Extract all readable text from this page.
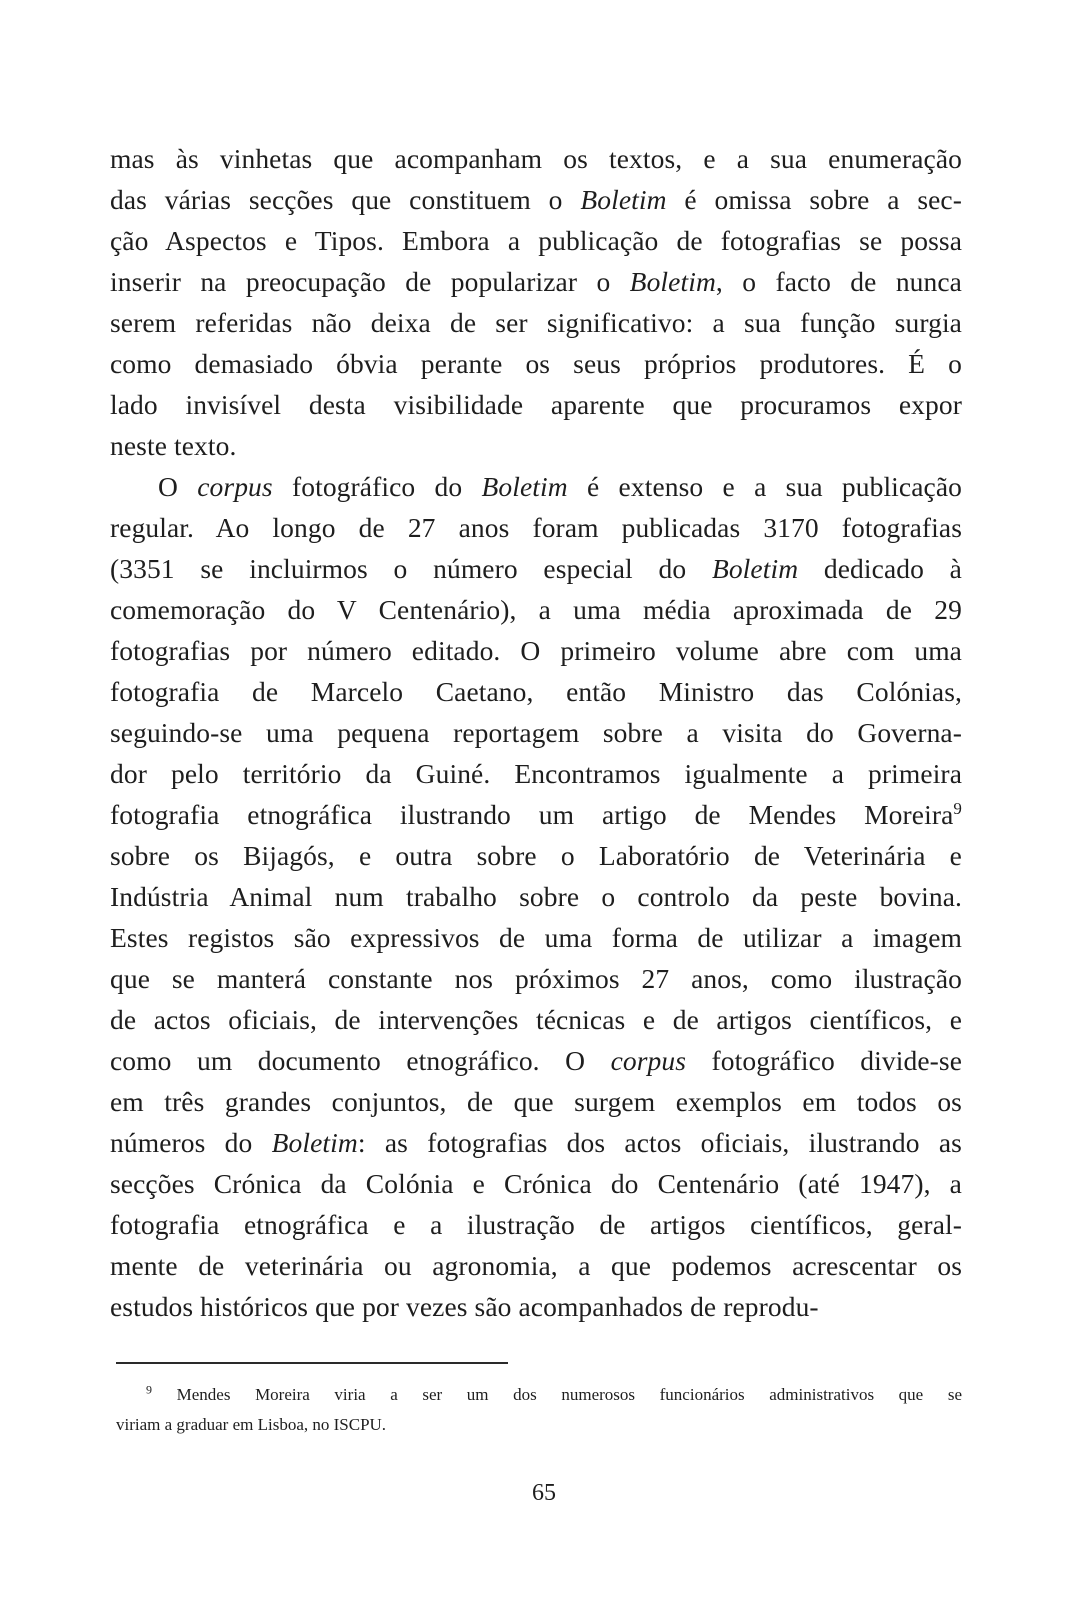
mas às vinhetas que acompanham os textos, e a sua enumeração
das várias secções que constituem o Boletim é omissa sobre a sec-
ção Aspectos e Tipos. Embora a publicação de fotografias se possa
inserir na preocupação de popularizar o Boletim, o facto de nunca
serem referidas não deixa de ser significativo: a sua função surgia
como demasiado óbvia perante os seus próprios produtores. É o
lado invisível desta visibilidade aparente que procuramos expor
neste texto.
O corpus fotográfico do Boletim é extenso e a sua publicação
regular. Ao longo de 27 anos foram publicadas 3170 fotografias
(3351 se incluirmos o número especial do Boletim dedicado à
comemoração do V Centenário), a uma média aproximada de 29
fotografias por número editado. O primeiro volume abre com uma
fotografia de Marcelo Caetano, então Ministro das Colónias,
seguindo-se uma pequena reportagem sobre a visita do Governa-
dor pelo território da Guiné. Encontramos igualmente a primeira
fotografia etnográfica ilustrando um artigo de Mendes Moreira$^9$
sobre os Bijagós, e outra sobre o Laboratório de Veterinária e
Indústria Animal num trabalho sobre o controlo da peste bovina.
Estes registos são expressivos de uma forma de utilizar a imagem
que se manterá constante nos próximos 27 anos, como ilustração
de actos oficiais, de intervenções técnicas e de artigos científicos, e
como um documento etnográfico. O corpus fotográfico divide-se
em três grandes conjuntos, de que surgem exemplos em todos os
números do Boletim: as fotografias dos actos oficiais, ilustrando as
secções Crónica da Colónia e Crónica do Centenário (até 1947), a
fotografia etnográfica e a ilustração de artigos científicos, geral-
mente de veterinária ou agronomia, a que podemos acrescentar os
estudos históricos que por vezes são acompanhados de reprodu-
$^9$ Mendes Moreira viria a ser um dos numerosos funcionários administrativos que se
viriam a graduar em Lisboa, no ISCPU.
65
